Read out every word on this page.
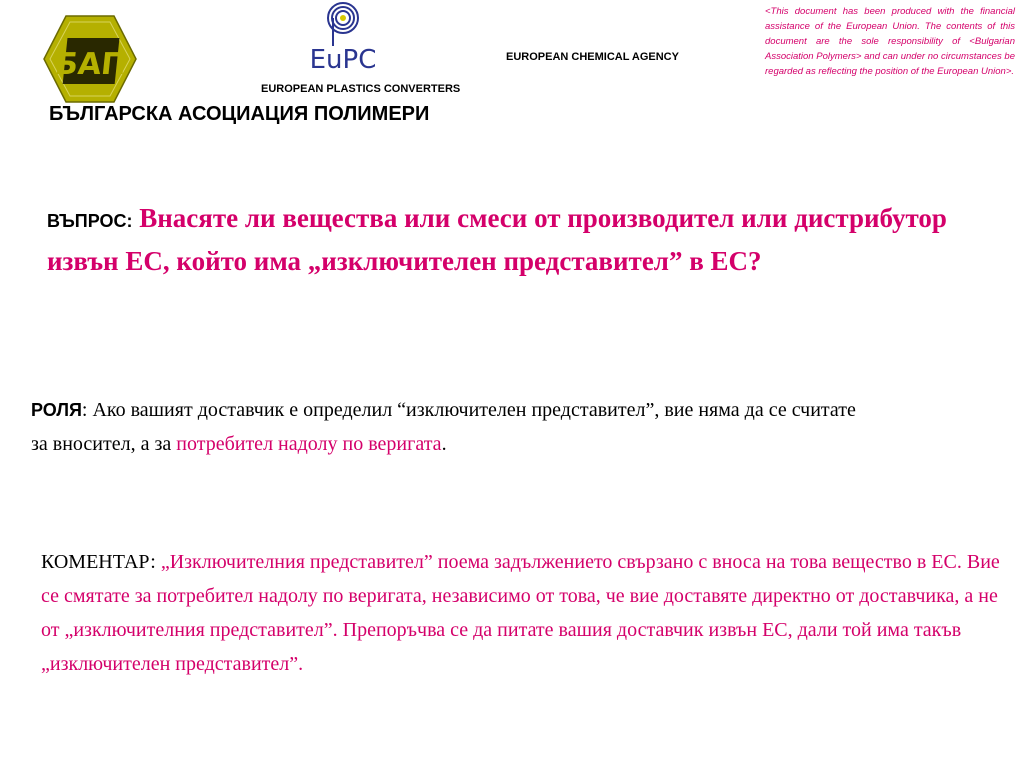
БАП	EuPC	EUROPEAN CHEMICAL AGENCY
EUROPEAN PLASTICS CONVERTERS
БЪЛГАРСКА АСОЦИАЦИЯ ПОЛИМЕРИ
<This document has been produced with the financial assistance of the European Union. The contents of this document are the sole responsibility of <Bulgarian Association Polymers> and can under no circumstances be regarded as reflecting the position of the European Union>.
ВЪПРОС: Внасяте ли вещества или смеси от производител или дистрибутор извън ЕС, който има „изключителен представител” в ЕС?
РОЛЯ: Ако вашият доставчик е определил “изключителен представител”, вие няма да се считате за вносител, а за потребител надолу по веригата.
КОМЕНТАР: „Изключителния представител” поема задължението свързано с вноса на това вещество в ЕС. Вие се смятате за потребител надолу по веригата, независимо от това, че вие доставяте директно от доставчика, а не от „изключителния представител”. Препоръчва се да питате вашия доставчик извън ЕС, дали той има такъв „изключителен представител”.
